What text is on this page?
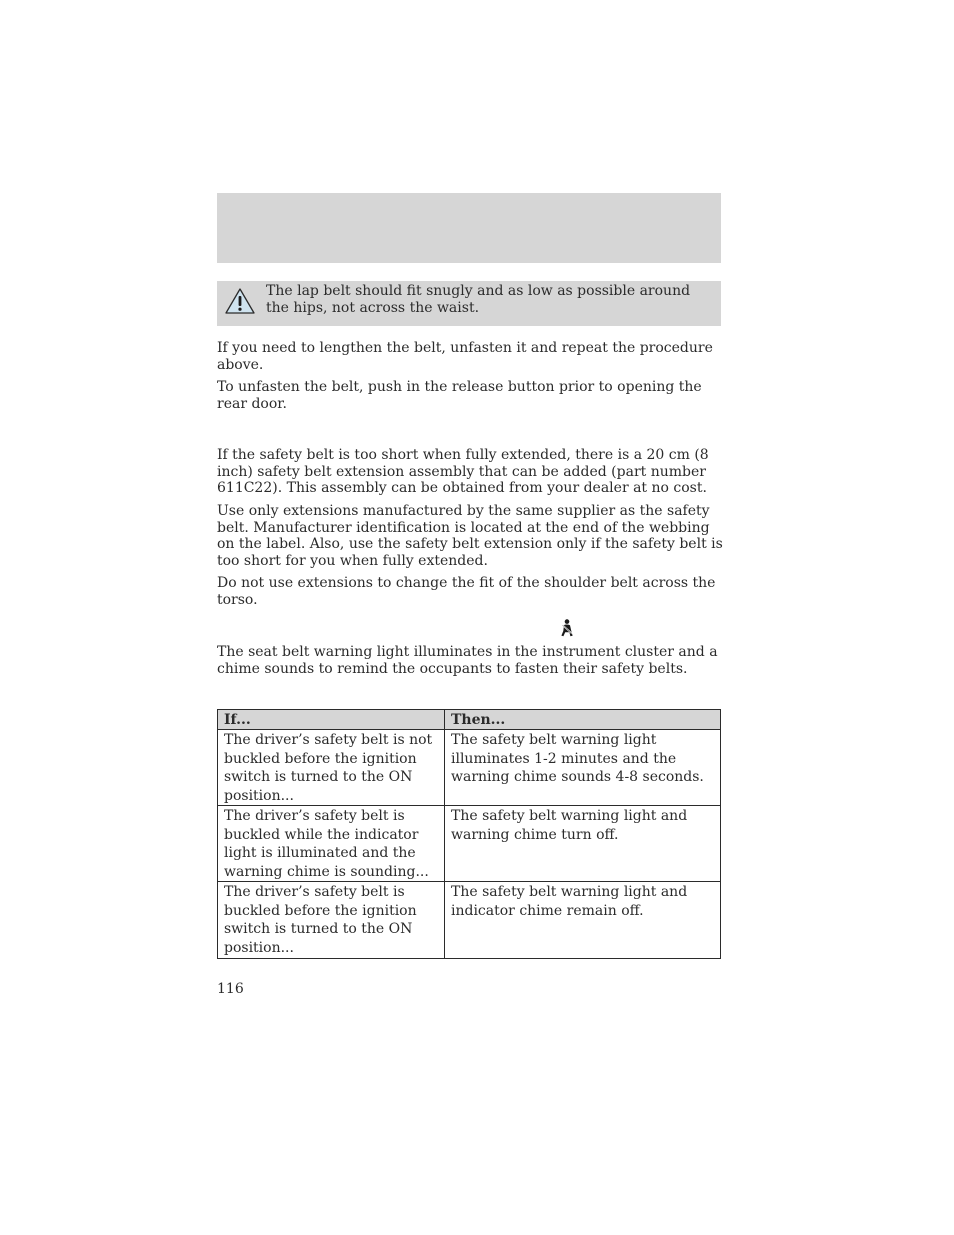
The lap belt should fit snugly and as low as possible around the hips, not across the waist.

If you need to lengthen the belt, unfasten it and repeat the procedure above.

To unfasten the belt, push in the release button prior to opening the rear door.

If the safety belt is too short when fully extended, there is a 20 cm (8 inch) safety belt extension assembly that can be added (part number 611C22). This assembly can be obtained from your dealer at no cost.

Use only extensions manufactured by the same supplier as the safety belt. Manufacturer identification is located at the end of the webbing on the label. Also, use the safety belt extension only if the safety belt is too short for you when fully extended.

Do not use extensions to change the fit of the shoulder belt across the torso.

The seat belt warning light illuminates in the instrument cluster and a chime sounds to remind the occupants to fasten their safety belts.

If...	Then...
The driver’s safety belt is not buckled before the ignition switch is turned to the ON position...	The safety belt warning light illuminates 1-2 minutes and the warning chime sounds 4-8 seconds.
The driver’s safety belt is buckled while the indicator light is illuminated and the warning chime is sounding...	The safety belt warning light and warning chime turn off.
The driver’s safety belt is buckled before the ignition switch is turned to the ON position...	The safety belt warning light and indicator chime remain off.
116
